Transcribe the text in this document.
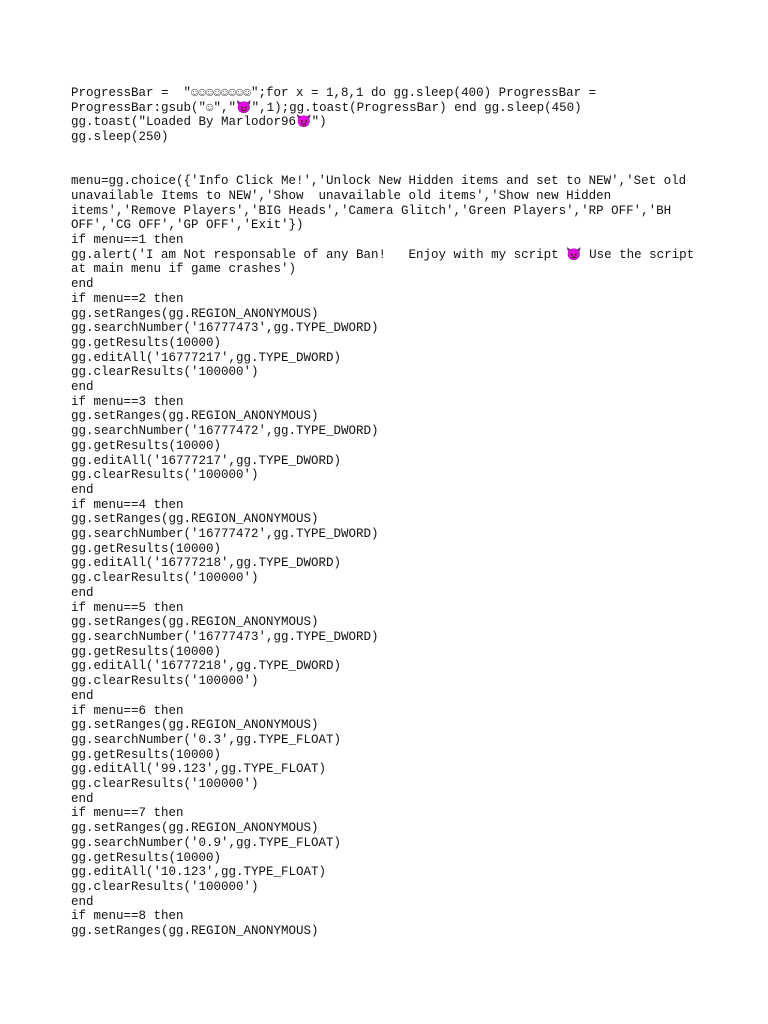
ProgressBar =  "☺☺☺☺☺☺☺☺";for x = 1,8,1 do gg.sleep(400) ProgressBar =
ProgressBar:gsub("☺","😈",1);gg.toast(ProgressBar) end gg.sleep(450)
gg.toast("Loaded By Marlodor96😈")
gg.sleep(250)
menu=gg.choice({'Info Click Me!','Unlock New Hidden items and set to NEW','Set old
unavailable Items to NEW','Show  unavailable old items','Show new Hidden
items','Remove Players','BIG Heads','Camera Glitch','Green Players','RP OFF','BH
OFF','CG OFF','GP OFF','Exit'})
if menu==1 then
gg.alert('I am Not responsable of any Ban!   Enjoy with my script 😈 Use the script
at main menu if game crashes')
end
if menu==2 then
gg.setRanges(gg.REGION_ANONYMOUS)
gg.searchNumber('16777473',gg.TYPE_DWORD)
gg.getResults(10000)
gg.editAll('16777217',gg.TYPE_DWORD)
gg.clearResults('100000')
end
if menu==3 then
gg.setRanges(gg.REGION_ANONYMOUS)
gg.searchNumber('16777472',gg.TYPE_DWORD)
gg.getResults(10000)
gg.editAll('16777217',gg.TYPE_DWORD)
gg.clearResults('100000')
end
if menu==4 then
gg.setRanges(gg.REGION_ANONYMOUS)
gg.searchNumber('16777472',gg.TYPE_DWORD)
gg.getResults(10000)
gg.editAll('16777218',gg.TYPE_DWORD)
gg.clearResults('100000')
end
if menu==5 then
gg.setRanges(gg.REGION_ANONYMOUS)
gg.searchNumber('16777473',gg.TYPE_DWORD)
gg.getResults(10000)
gg.editAll('16777218',gg.TYPE_DWORD)
gg.clearResults('100000')
end
if menu==6 then
gg.setRanges(gg.REGION_ANONYMOUS)
gg.searchNumber('0.3',gg.TYPE_FLOAT)
gg.getResults(10000)
gg.editAll('99.123',gg.TYPE_FLOAT)
gg.clearResults('100000')
end
if menu==7 then
gg.setRanges(gg.REGION_ANONYMOUS)
gg.searchNumber('0.9',gg.TYPE_FLOAT)
gg.getResults(10000)
gg.editAll('10.123',gg.TYPE_FLOAT)
gg.clearResults('100000')
end
if menu==8 then
gg.setRanges(gg.REGION_ANONYMOUS)
